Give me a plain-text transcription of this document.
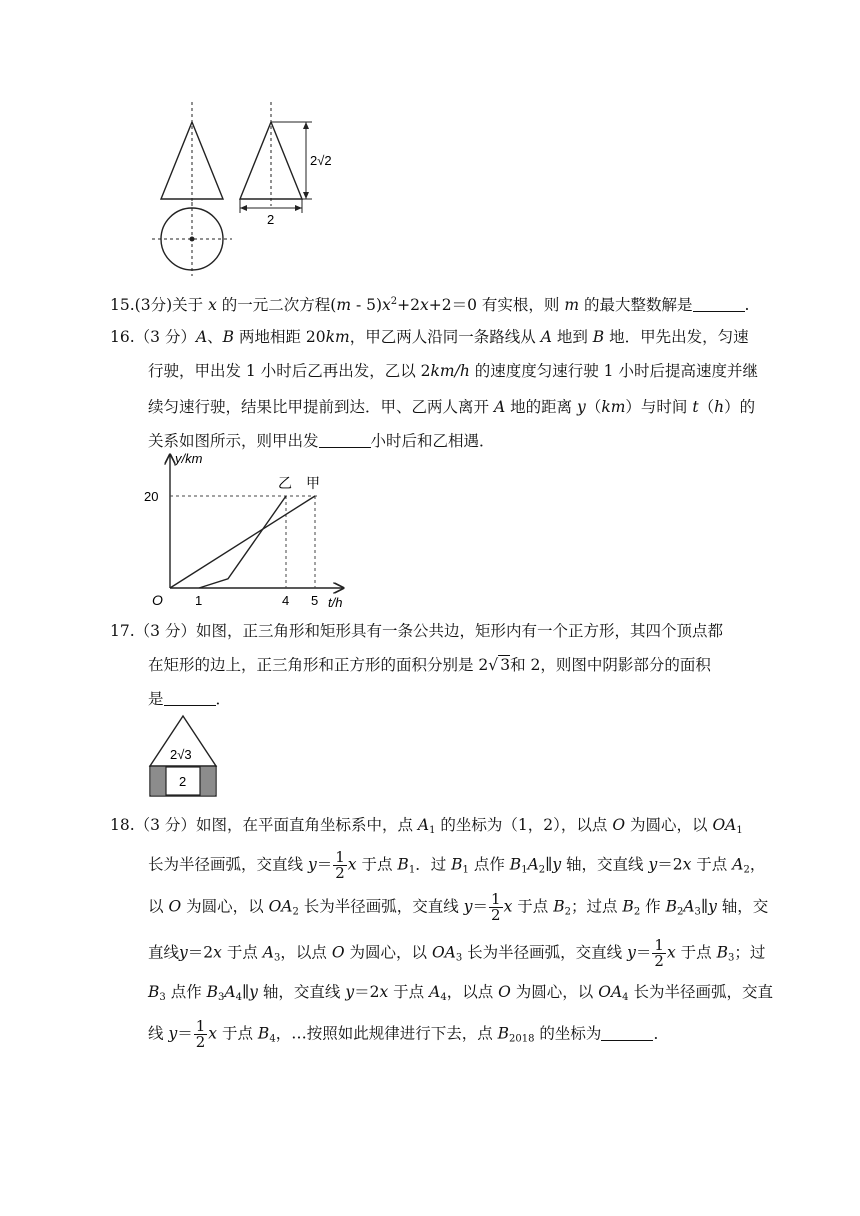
2√2
2
15.(3分)关于 x 的一元二次方程$(m - 5)x^2+2x+2=0$ 有实根，则 m 的最大整数解是	.
16.（3 分）A、B 两地相距 20km，甲乙两人沿同一条路线从 A 地到 B 地．甲先出发，匀速
行驶，甲出发 1 小时后乙再出发，乙以 2km/h 的速度度匀速行驶 1 小时后提高速度并继
续匀速行驶，结果比甲提前到达．甲、乙两人离开 A 地的距离 y（km）与时间 t（h）的
关系如图所示，则甲出发	小时后和乙相遇．
y/km
t/h
O
20
1	4 5
乙 甲
17.（3 分）如图，正三角形和矩形具有一条公共边，矩形内有一个正方形，其四个顶点都
在矩形的边上，正三角形和正方形的面积分别是 2√ 3和 2，则图中阴影部分的面积
是	．
2√3
2
18.（3 分）如图，在平面直角坐标系中，点 $A_1$ 的坐标为（1，2），以点 O 为圆心，以 $OA_1$
长为半径画弧，交直线 $y= \frac{1}{2}$ x 于点 $B_1$．过 $B_1$ 点作 $B_1A_2\parallel y$ 轴，交直线 y＝2x 于点 $A_2$，
以 O 为圆心，以 $OA_2$ 长为半径画弧，交直线 $y= \frac{1}{2}$ x 于点 $B_2$；过点 $B_2$ 作 $B_2A_3\parallel y$ 轴，交
直线y＝2x 于点 $A_3$，以点 O 为圆心，以 $OA_3$ 长为半径画弧，交直线 $y= \frac{1}{2}$ x 于点 $B_3$；过
$B_3$ 点作 $B_3A_4\parallel y$ 轴，交直线 y＝2x 于点 $A_4$，以点 O 为圆心，以 $OA_4$ 长为半径画弧，交直
线 $y= \frac{1}{2}$ x 于点 $B_4$，…按照如此规律进行下去，点 $B_{2018}$ 的坐标为	．
